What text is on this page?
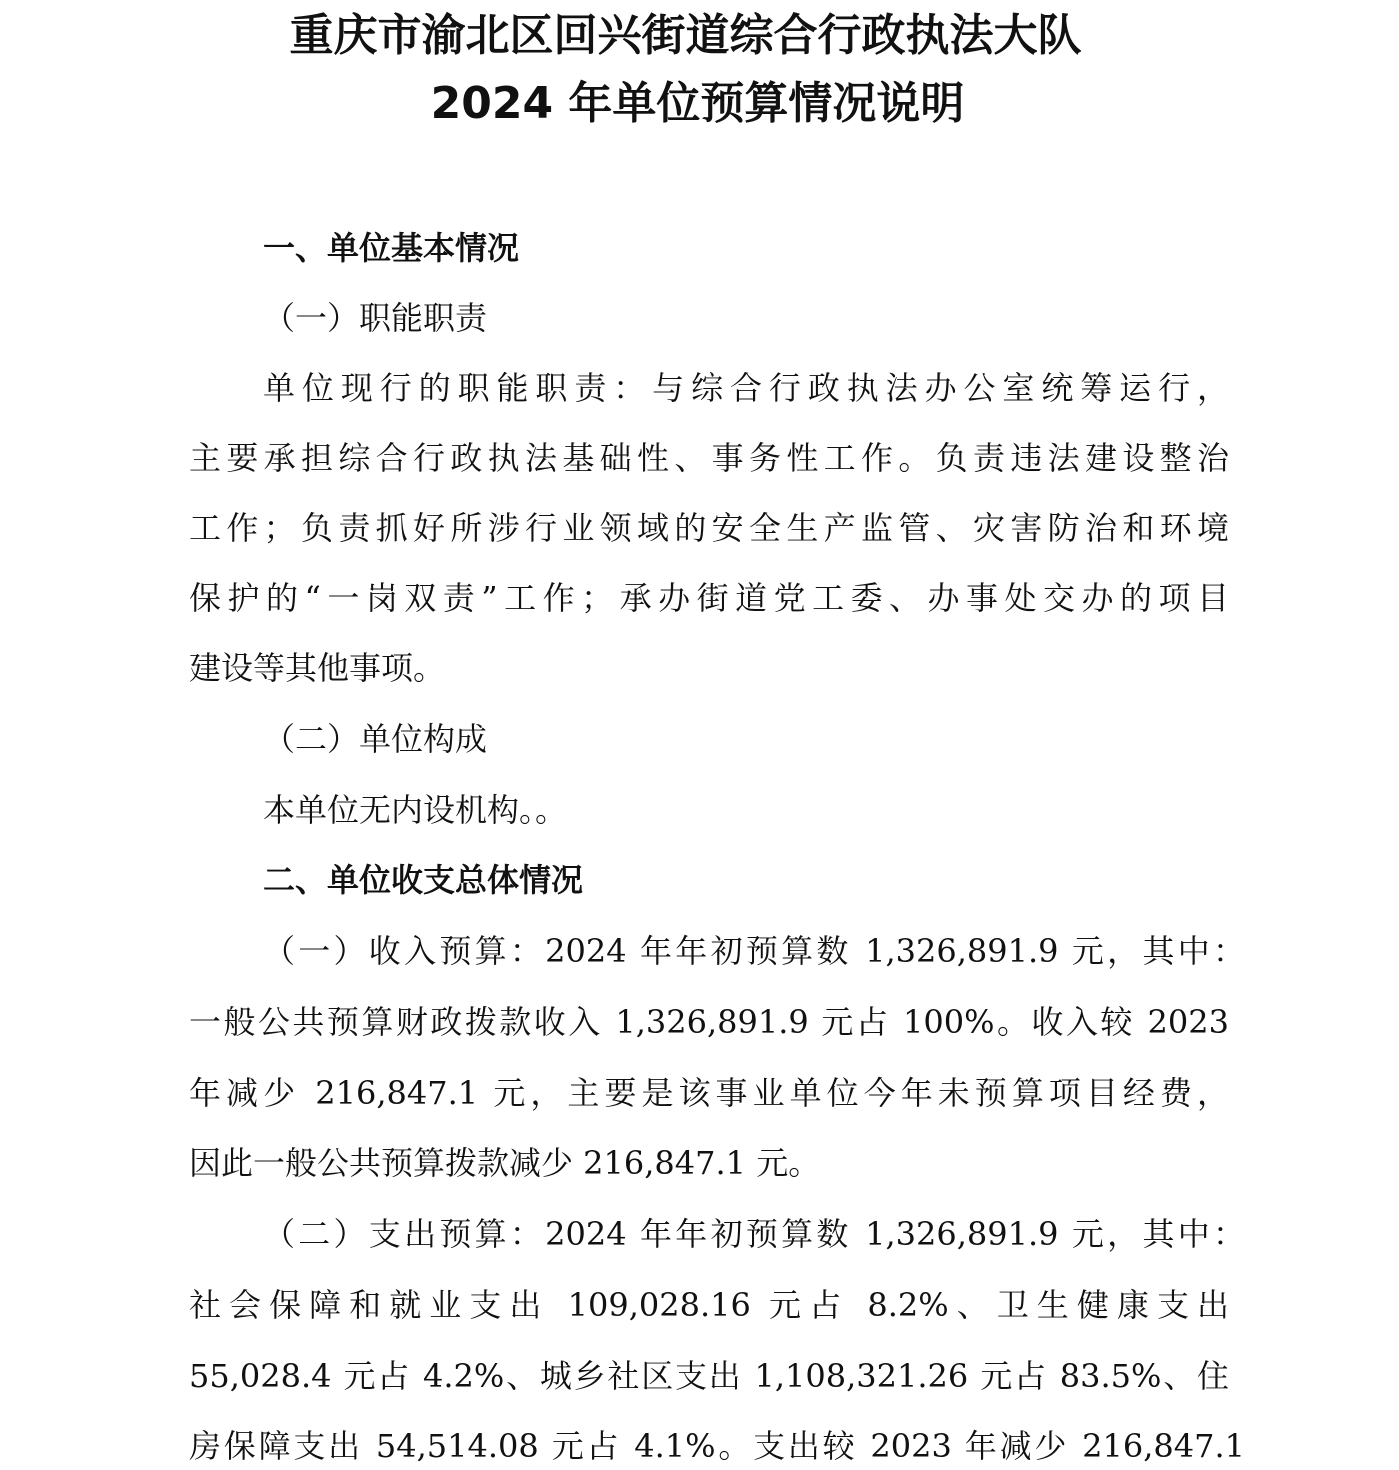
重庆市渝北区回兴街道综合行政执法大队
2024 年单位预算情况说明
一、单位基本情况
（一）职能职责
单位现行的职能职责：与综合行政执法办公室统筹运行，
主要承担综合行政执法基础性、事务性工作。负责违法建设整治
工作；负责抓好所涉行业领域的安全生产监管、灾害防治和环境
保护的“一岗双责”工作；承办街道党工委、办事处交办的项目
建设等其他事项。
（二）单位构成
本单位无内设机构。。
二、单位收支总体情况
（一）收入预算：2024 年年初预算数 1,326,891.9 元，其中：
一般公共预算财政拨款收入 1,326,891.9 元占 100%。收入较 2023
年减少 216,847.1 元，主要是该事业单位今年未预算项目经费，
因此一般公共预算拨款减少 216,847.1 元。
（二）支出预算：2024 年年初预算数 1,326,891.9 元，其中：
社会保障和就业支出 109,028.16 元占 8.2%、卫生健康支出
55,028.4 元占 4.2%、城乡社区支出 1,108,321.26 元占 83.5%、住
房保障支出 54,514.08 元占 4.1%。支出较 2023 年减少 216,847.1
